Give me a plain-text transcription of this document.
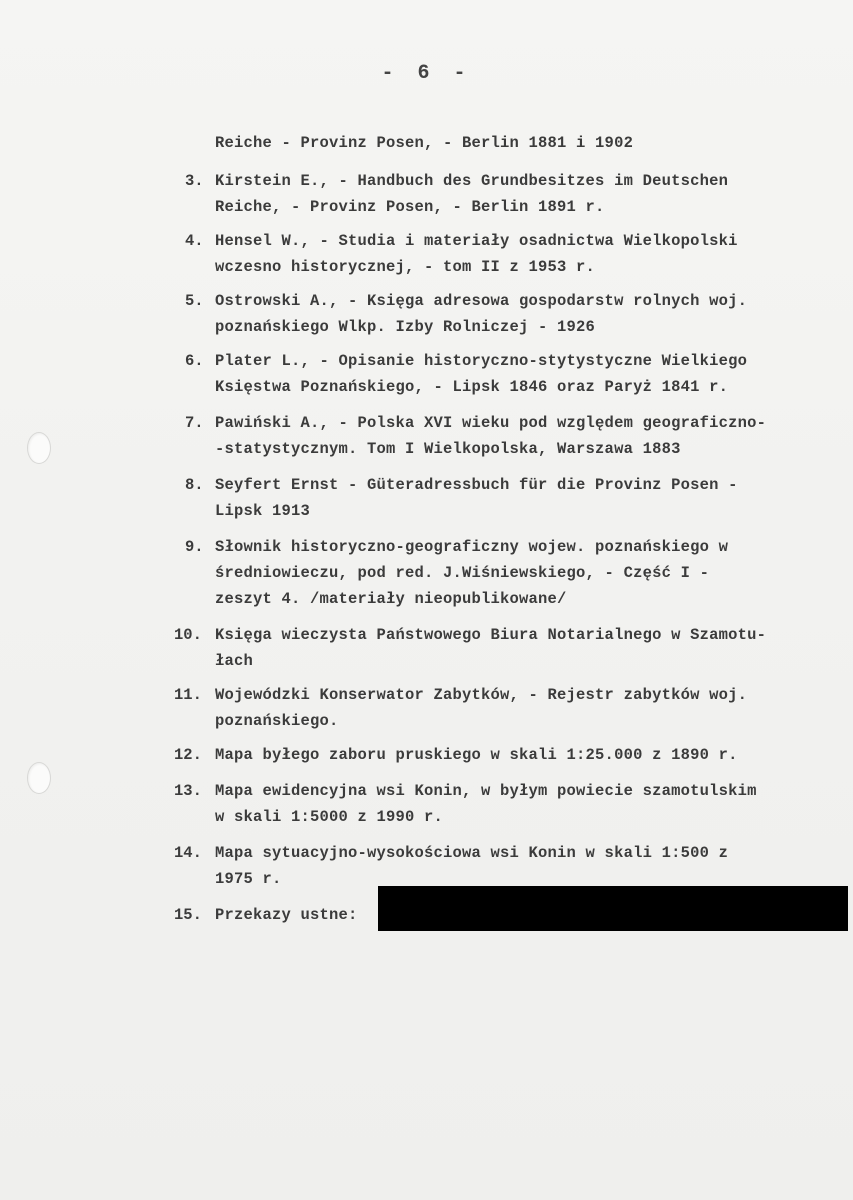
- 6 -
Reiche - Provinz Posen, - Berlin 1881 i 1902
3. Kirstein E., - Handbuch des Grundbesitzes im Deutschen
Reiche, - Provinz Posen, - Berlin 1891 r.
4. Hensel W., - Studia i materiały osadnictwa Wielkopolski
wczesno historycznej, - tom II z 1953 r.
5. Ostrowski A., - Księga adresowa gospodarstw rolnych woj.
poznańskiego Wlkp. Izby Rolniczej - 1926
6. Plater L., - Opisanie historyczno-stytystyczne Wielkiego
Księstwa Poznańskiego, - Lipsk 1846 oraz Paryż 1841 r.
7. Pawiński A., - Polska XVI wieku pod względem geograficzno-
-statystycznym. Tom I Wielkopolska, Warszawa 1883
8. Seyfert Ernst - Güteradressbuch für die Provinz Posen -
Lipsk 1913
9. Słownik historyczno-geograficzny wojew. poznańskiego w
średniowieczu, pod red. J.Wiśniewskiego, - Część I -
zeszyt 4. /materiały nieopublikowane/
10. Księga wieczysta Państwowego Biura Notarialnego w Szamotu-
łach
11. Wojewódzki Konserwator Zabytków, - Rejestr zabytków woj.
poznańskiego.
12. Mapa byłego zaboru pruskiego w skali 1:25.000 z 1890 r.
13. Mapa ewidencyjna wsi Konin, w byłym powiecie szamotulskim
w skali 1:5000 z 1990 r.
14. Mapa sytuacyjno-wysokościowa wsi Konin w skali 1:500 z
1975 r.
15. Przekazy ustne:
